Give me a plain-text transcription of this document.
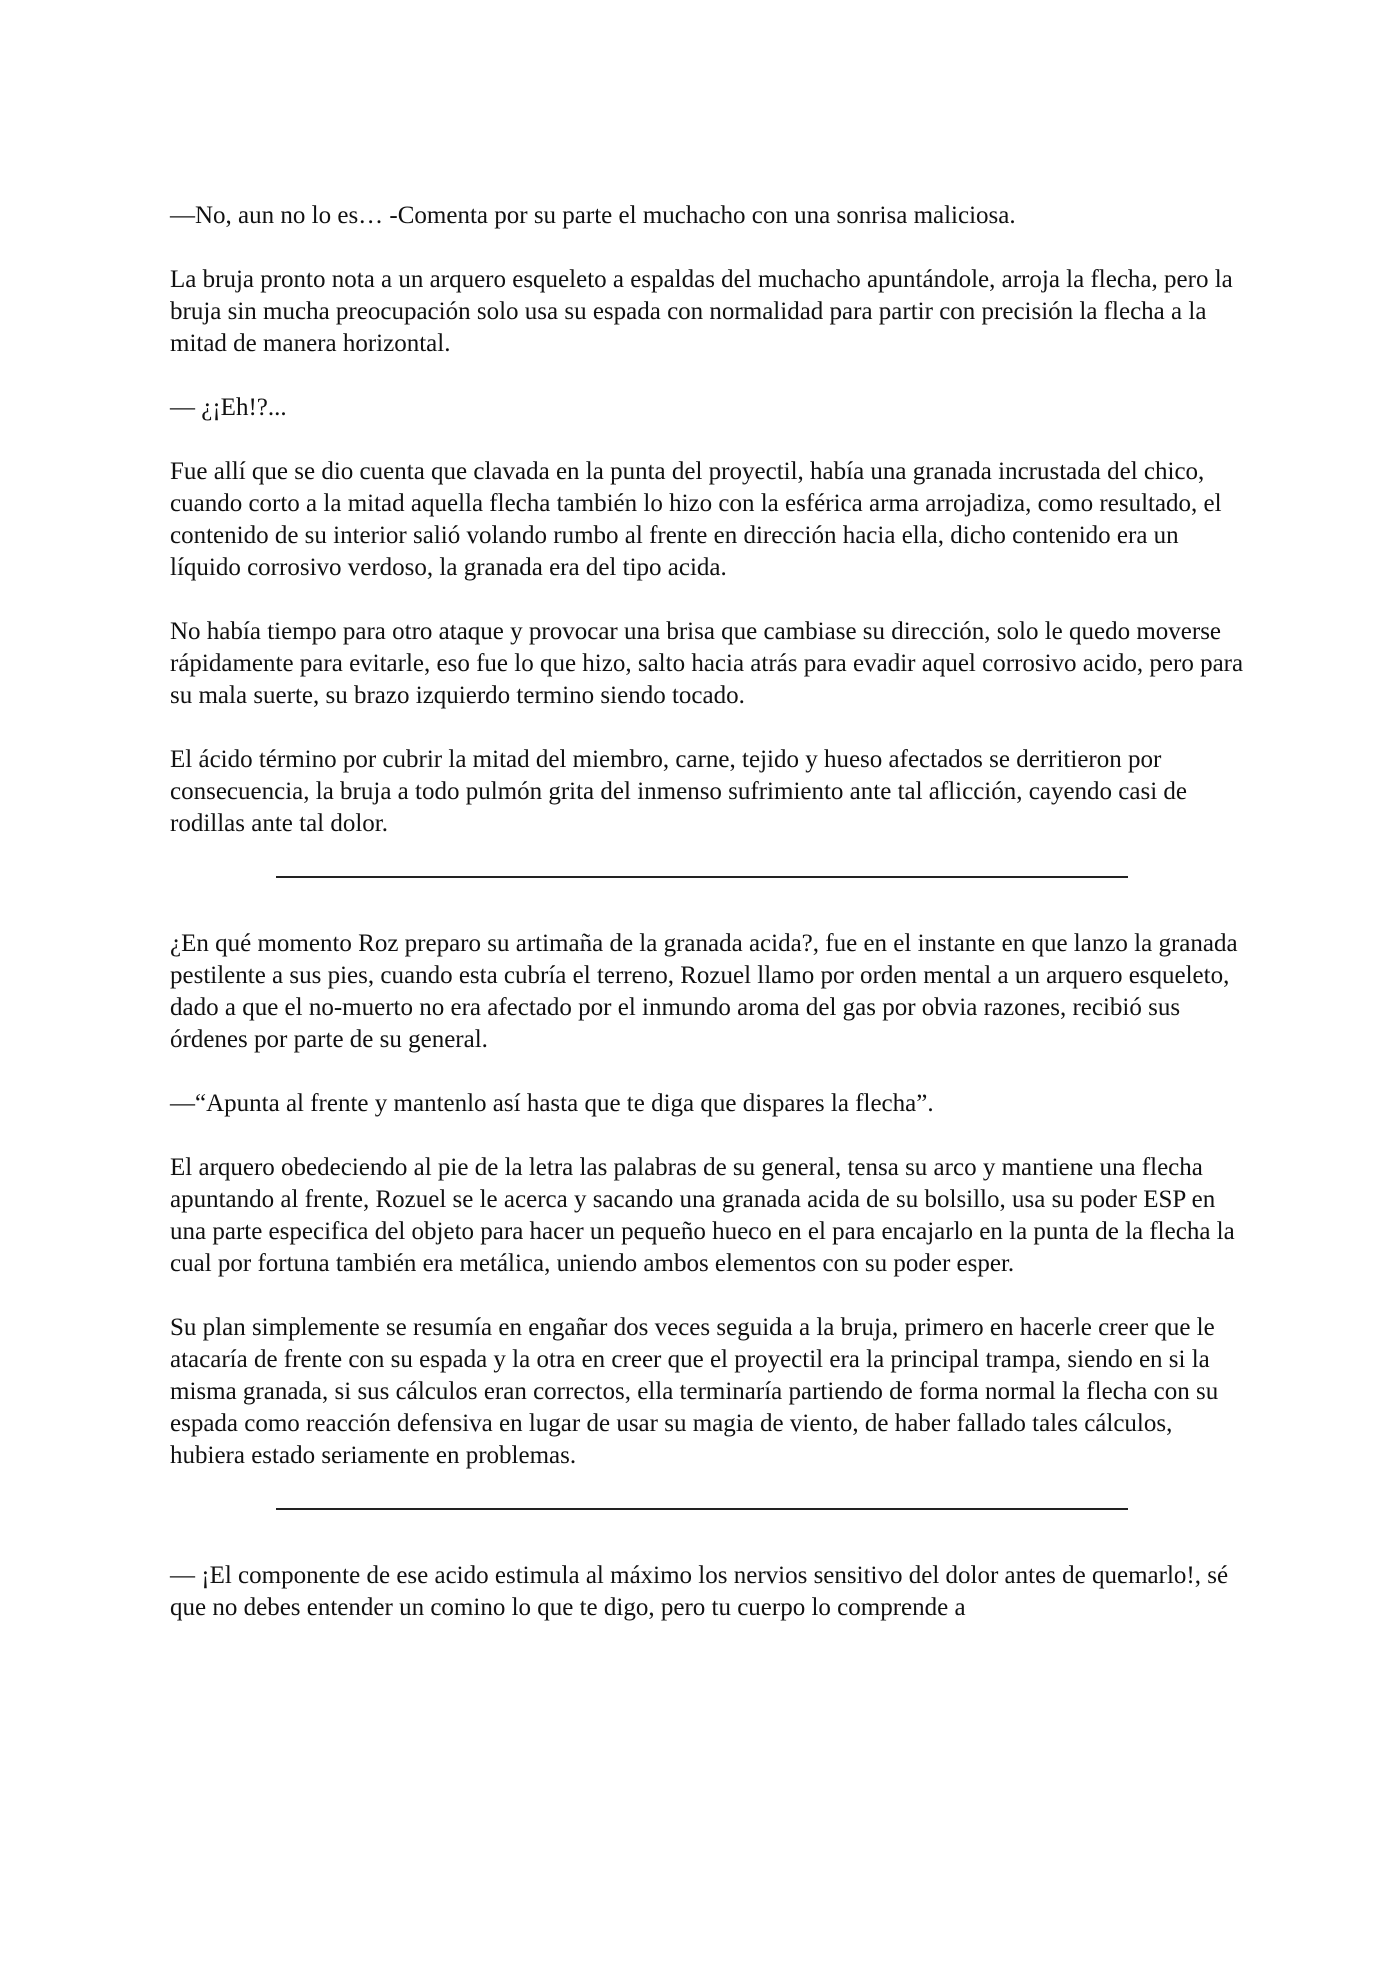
—No, aun no lo es… -Comenta por su parte el muchacho con una sonrisa maliciosa.

La bruja pronto nota a un arquero esqueleto a espaldas del muchacho apuntándole, arroja la flecha, pero la bruja sin mucha preocupación solo usa su espada con normalidad para partir con precisión la flecha a la mitad de manera horizontal.

— ¿¡Eh!?...

Fue allí que se dio cuenta que clavada en la punta del proyectil, había una granada incrustada del chico, cuando corto a la mitad aquella flecha también lo hizo con la esférica arma arrojadiza, como resultado, el contenido de su interior salió volando rumbo al frente en dirección hacia ella, dicho contenido era un líquido corrosivo verdoso, la granada era del tipo acida.

No había tiempo para otro ataque y provocar una brisa que cambiase su dirección, solo le quedo moverse rápidamente para evitarle, eso fue lo que hizo, salto hacia atrás para evadir aquel corrosivo acido, pero para su mala suerte, su brazo izquierdo termino siendo tocado.

El ácido término por cubrir la mitad del miembro, carne, tejido y hueso afectados se derritieron por consecuencia, la bruja a todo pulmón grita del inmenso sufrimiento ante tal aflicción, cayendo casi de rodillas ante tal dolor.

¿En qué momento Roz preparo su artimaña de la granada acida?, fue en el instante en que lanzo la granada pestilente a sus pies, cuando esta cubría el terreno, Rozuel llamo por orden mental a un arquero esqueleto, dado a que el no-muerto no era afectado por el inmundo aroma del gas por obvia razones, recibió sus órdenes por parte de su general.

—“Apunta al frente y mantenlo así hasta que te diga que dispares la flecha”.

El arquero obedeciendo al pie de la letra las palabras de su general, tensa su arco y mantiene una flecha apuntando al frente, Rozuel se le acerca y sacando una granada acida de su bolsillo, usa su poder ESP en una parte especifica del objeto para hacer un pequeño hueco en el para encajarlo en la punta de la flecha la cual por fortuna también era metálica, uniendo ambos elementos con su poder esper.

Su plan simplemente se resumía en engañar dos veces seguida a la bruja, primero en hacerle creer que le atacaría de frente con su espada y la otra en creer que el proyectil era la principal trampa, siendo en si la misma granada, si sus cálculos eran correctos, ella terminaría partiendo de forma normal la flecha con su espada como reacción defensiva en lugar de usar su magia de viento, de haber fallado tales cálculos, hubiera estado seriamente en problemas.

— ¡El componente de ese acido estimula al máximo los nervios sensitivo del dolor antes de quemarlo!, sé que no debes entender un comino lo que te digo, pero tu cuerpo lo comprende a
